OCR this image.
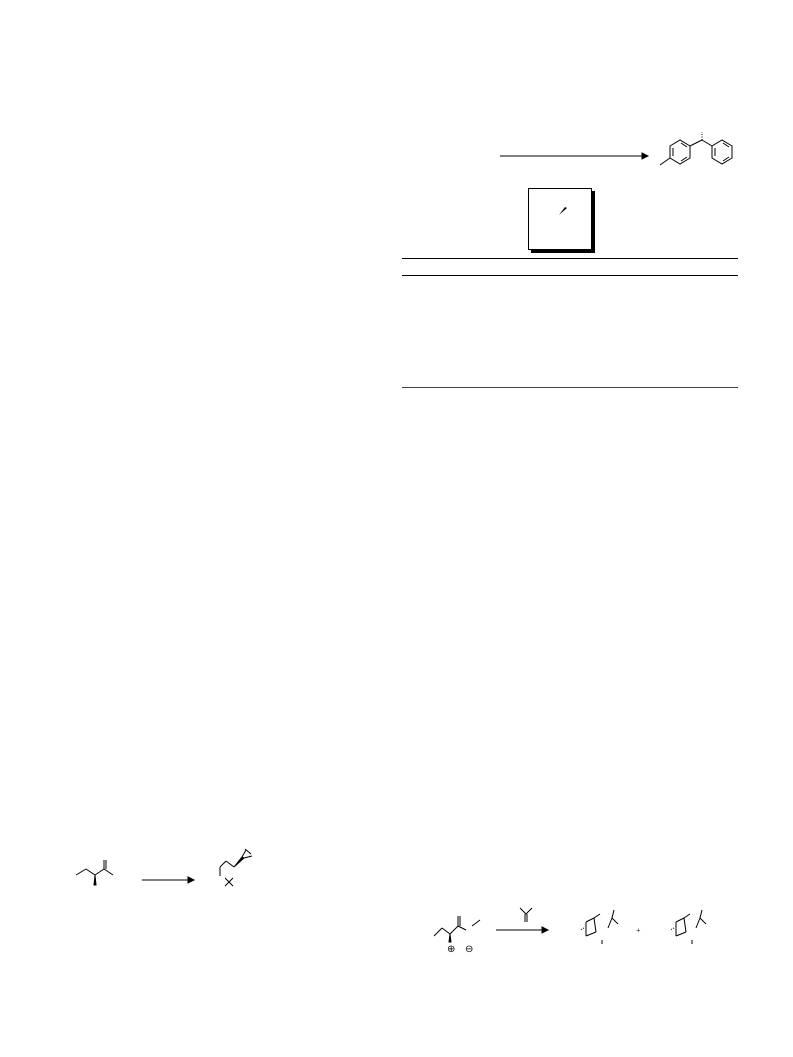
⊕ ⊖
+
